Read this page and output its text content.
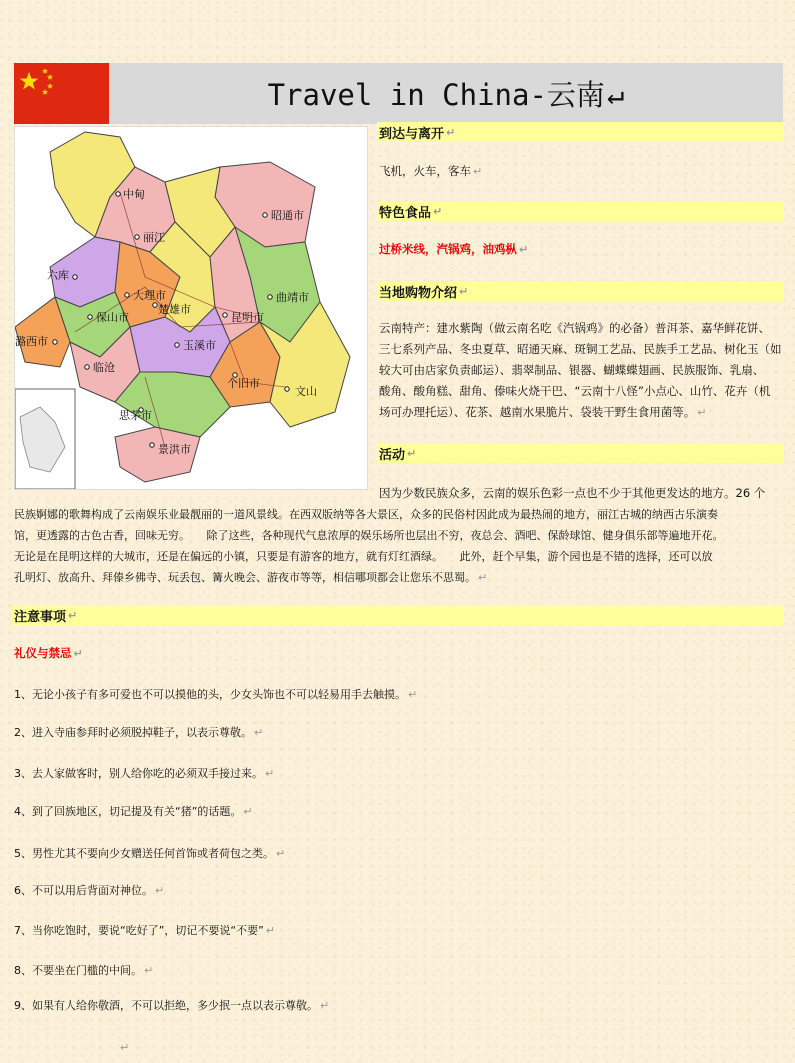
Travel in China-云南 ↵
中甸
昭通市
丽江
六库
大理市
楚雄市
曲靖市
保山市	昆明市
潞西市
临沧
玉溪市
个旧市
文山
思茅市
景洪市
到达与离开 ↵
飞机，火车，客车 ↵
特色食品 ↵
过桥米线，汽锅鸡，油鸡枞 ↵
当地购物介绍 ↵
云南特产：建水紫陶（做云南名吃《汽锅鸡》的必备）普洱茶、嘉华鲜花饼、
三七系列产品、冬虫夏草、昭通天麻、斑铜工艺品、民族手工艺品、树化玉（如
较大可由店家负责邮运）、翡翠制品、银器、蝴蝶蝶翅画、民族服饰、乳扇、
酸角、酸角糕、甜角、傣味火烧干巴、“云南十八怪”小点心、山竹、花卉（机
场可办理托运）、花茶、越南水果脆片、袋装干野生食用菌等。 ↵
活动 ↵
因为少数民族众多，云南的娱乐色彩一点也不少于其他更发达的地方。26 个
民族婀娜的歌舞构成了云南娱乐业最靓丽的一道风景线。在西双版纳等各大景区，众多的民俗村因此成为最热闹的地方，丽江古城的纳西古乐演奏
馆，更透露的古色古香，回味无穷。　　除了这些，各种现代气息浓厚的娱乐场所也层出不穷，夜总会、酒吧、保龄球馆、健身俱乐部等遍地开花。
无论是在昆明这样的大城市，还是在偏远的小镇，只要是有游客的地方，就有灯红酒绿。　　此外，赶个早集，游个园也是不错的选择，还可以放
孔明灯、放高升、拜傣乡佛寺、玩丢包、篝火晚会、游夜市等等，相信哪项都会让您乐不思蜀。 ↵
注意事项 ↵
礼仪与禁忌 ↵
1、无论小孩子有多可爱也不可以摸他的头，少女头饰也不可以轻易用手去触摸。 ↵
2、进入寺庙参拜时必须脱掉鞋子，以表示尊敬。 ↵
3、去人家做客时，别人给你吃的必须双手接过来。 ↵
4、到了回族地区，切记提及有关“猪”的话题。 ↵
5、男性尤其不要向少女赠送任何首饰或者荷包之类。 ↵
6、不可以用后背面对神位。 ↵
7、当你吃饱时，要说“吃好了”，切记不要说“不要” ↵
8、不要坐在门槛的中间。 ↵
9、如果有人给你敬酒，不可以拒绝，多少抿一点以表示尊敬。 ↵
↵
